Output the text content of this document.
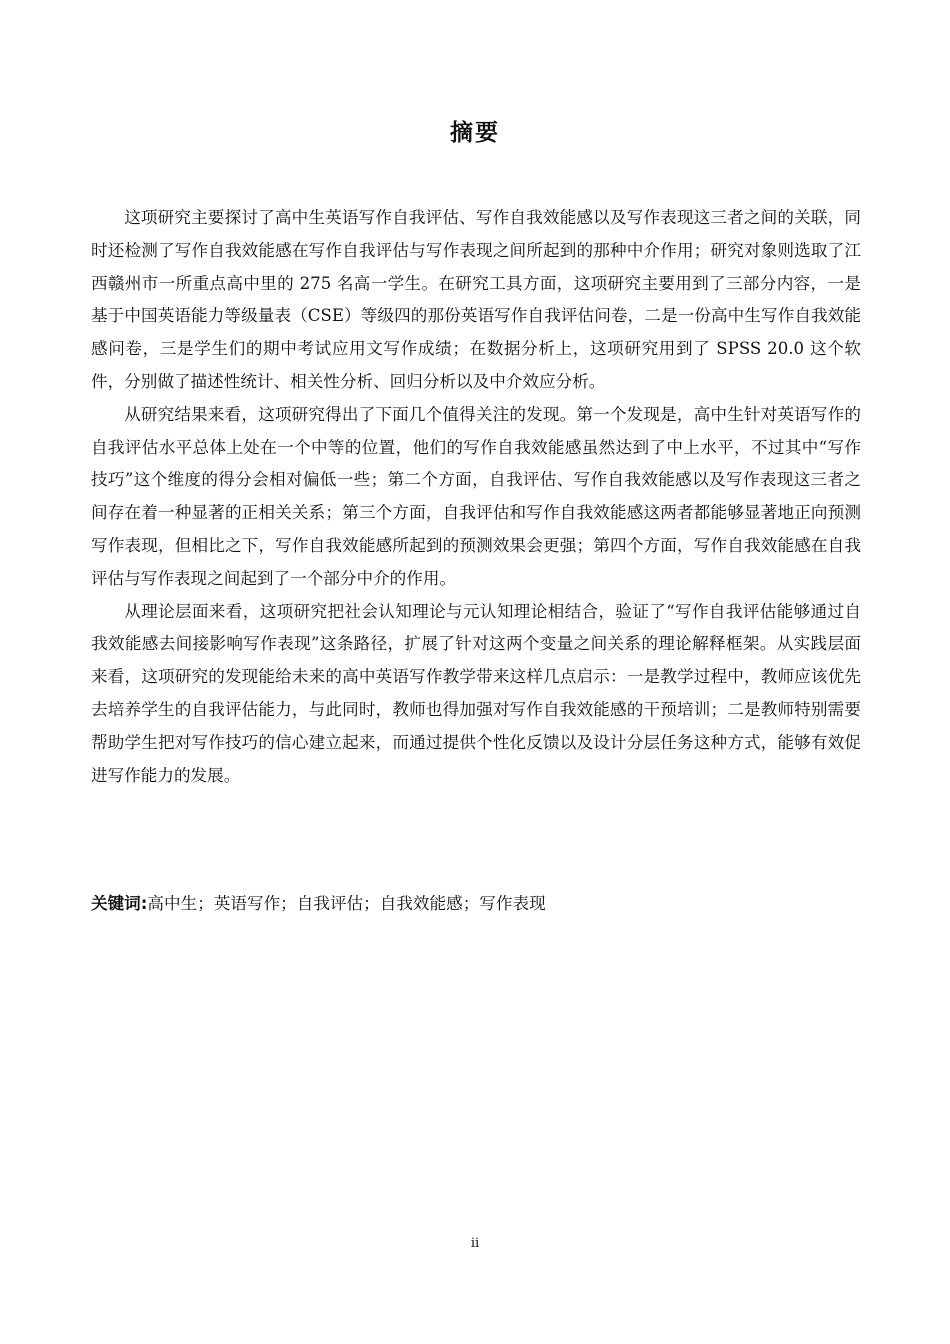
摘要

这项研究主要探讨了高中生英语写作自我评估、写作自我效能感以及写作表现这三者之间的关联，同时还检测了写作自我效能感在写作自我评估与写作表现之间所起到的那种中介作用；研究对象则选取了江西赣州市一所重点高中里的 275 名高一学生。在研究工具方面，这项研究主要用到了三部分内容，一是基于中国英语能力等级量表（CSE）等级四的那份英语写作自我评估问卷，二是一份高中生写作自我效能感问卷，三是学生们的期中考试应用文写作成绩；在数据分析上，这项研究用到了 SPSS 20.0 这个软件，分别做了描述性统计、相关性分析、回归分析以及中介效应分析。

从研究结果来看，这项研究得出了下面几个值得关注的发现。第一个发现是，高中生针对英语写作的自我评估水平总体上处在一个中等的位置，他们的写作自我效能感虽然达到了中上水平，不过其中“写作技巧”这个维度的得分会相对偏低一些；第二个方面，自我评估、写作自我效能感以及写作表现这三者之间存在着一种显著的正相关关系；第三个方面，自我评估和写作自我效能感这两者都能够显著地正向预测写作表现，但相比之下，写作自我效能感所起到的预测效果会更强；第四个方面，写作自我效能感在自我评估与写作表现之间起到了一个部分中介的作用。

从理论层面来看，这项研究把社会认知理论与元认知理论相结合，验证了“写作自我评估能够通过自我效能感去间接影响写作表现”这条路径，扩展了针对这两个变量之间关系的理论解释框架。从实践层面来看，这项研究的发现能给未来的高中英语写作教学带来这样几点启示：一是教学过程中，教师应该优先去培养学生的自我评估能力，与此同时，教师也得加强对写作自我效能感的干预培训；二是教师特别需要帮助学生把对写作技巧的信心建立起来，而通过提供个性化反馈以及设计分层任务这种方式，能够有效促进写作能力的发展。

关键词:高中生；英语写作；自我评估；自我效能感；写作表现
ii
